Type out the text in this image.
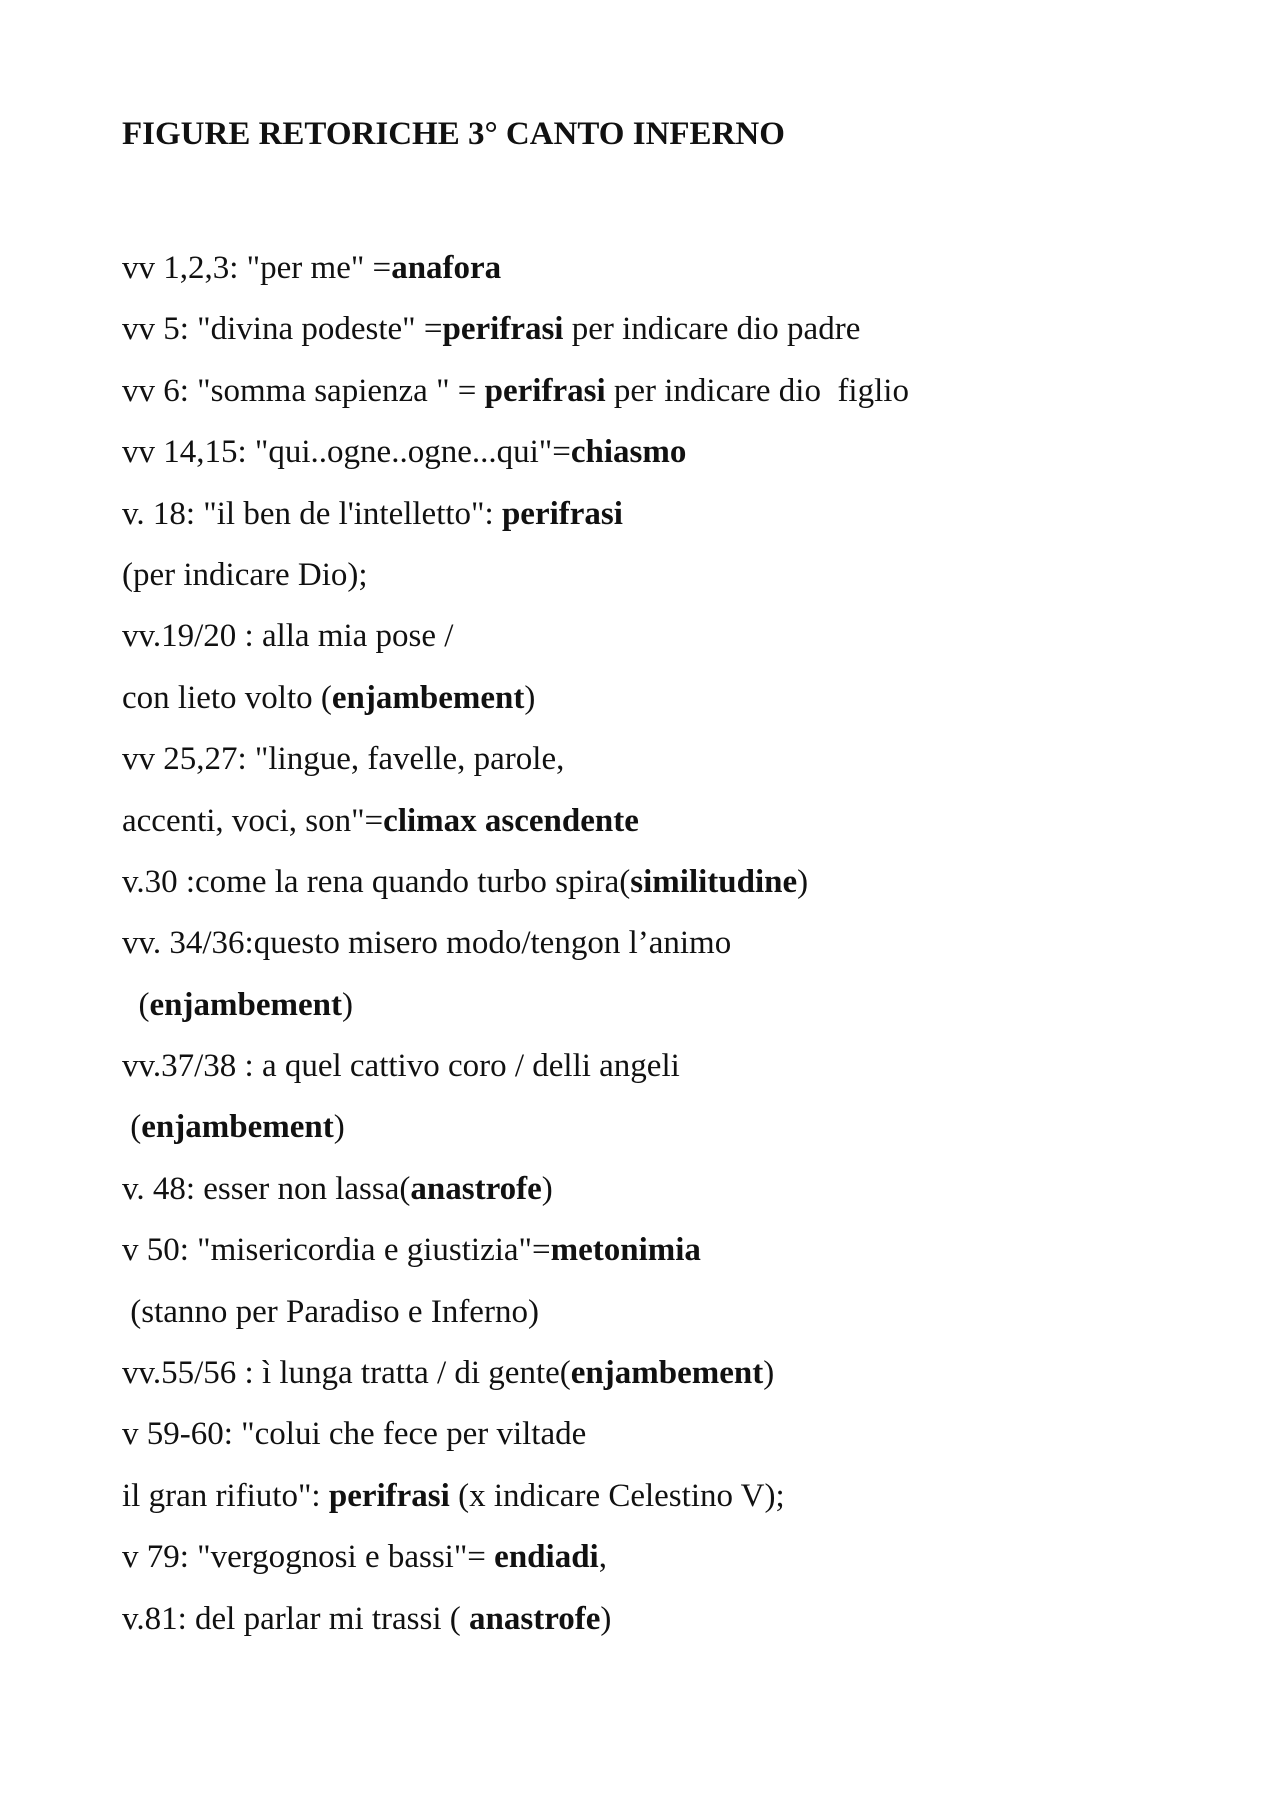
FIGURE RETORICHE 3° CANTO INFERNO
vv 1,2,3: "per me" =anafora
vv 5: "divina podeste" =perifrasi per indicare dio padre
vv 6: "somma sapienza " = perifrasi per indicare dio  figlio
vv 14,15: "qui..ogne..ogne...qui"=chiasmo
v. 18: "il ben de l'intelletto": perifrasi
(per indicare Dio);
vv.19/20 : alla mia pose /
con lieto volto (enjambement)
vv 25,27: "lingue, favelle, parole,
accenti, voci, son"=climax ascendente
v.30 :come la rena quando turbo spira(similitudine)
vv. 34/36:questo misero modo/tengon l’animo
(enjambement)
vv.37/38 : a quel cattivo coro / delli angeli
(enjambement)
v. 48: esser non lassa(anastrofe)
v 50: "misericordia e giustizia"=metonimia
(stanno per Paradiso e Inferno)
vv.55/56 : ì lunga tratta / di gente(enjambement)
v 59-60: "colui che fece per viltade
il gran rifiuto": perifrasi (x indicare Celestino V);
v 79: "vergognosi e bassi"= endiadi,
v.81: del parlar mi trassi ( anastrofe)
